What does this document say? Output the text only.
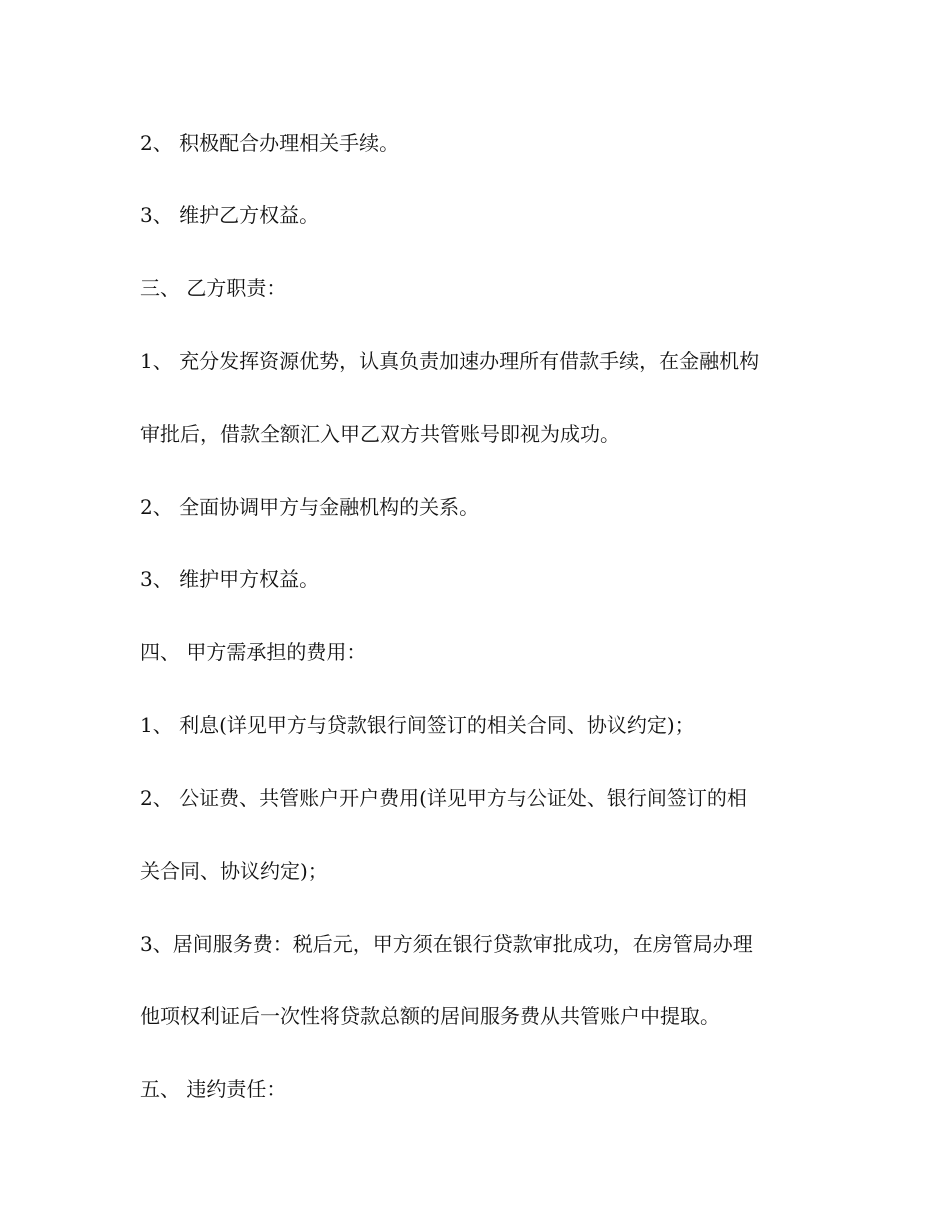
2、 积极配合办理相关手续。
3、 维护乙方权益。
三、 乙方职责：
1、 充分发挥资源优势，认真负责加速办理所有借款手续，在金融机构
审批后，借款全额汇入甲乙双方共管账号即视为成功。
2、 全面协调甲方与金融机构的关系。
3、 维护甲方权益。
四、 甲方需承担的费用：
1、 利息(详见甲方与贷款银行间签订的相关合同、协议约定)；
2、 公证费、共管账户开户费用(详见甲方与公证处、银行间签订的相
关合同、协议约定)；
3、居间服务费：税后元，甲方须在银行贷款审批成功，在房管局办理
他项权利证后一次性将贷款总额的居间服务费从共管账户中提取。
五、 违约责任：
